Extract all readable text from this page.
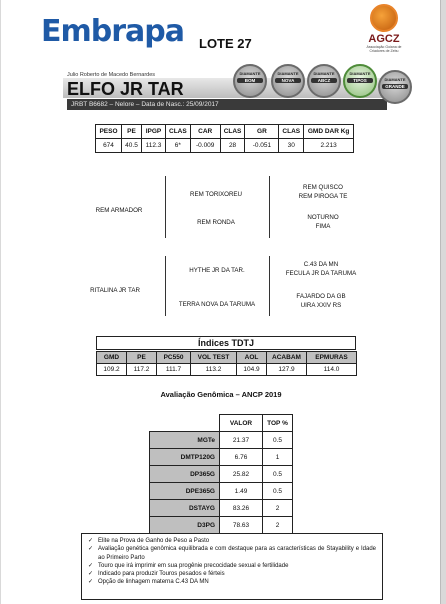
Embrapa LOTE 27	AGCZ
Associação Goiana de Criadores de Zebu
Julio Roberto de Macedo Bernardes
ELFO JR TAR
JRBT B6682 – Nelore – Data de Nasc.: 25/09/2017
DIAMANTE
BOM
DIAMANTE
NOVA
DIAMANTE
ABCZ
DIAMANTE
TIPOS	DIAMANTE
GRANDE
PESO	PE	IPGP	CLAS	CAR	CLAS	GR	CLAS	GMD DAR Kg
674	40.5	112.3	6*	-0.009	28	-0.051	30	2.213
REM ARMADOR
REM TORIXOREU
REM RONDA
REM QUISCO
REM PIROGA TE
NOTURNO
FIMA
RITALINA JR TAR
HYTHE JR DA TAR.
TERRA NOVA DA TARUMA
C.43 DA MN
FECULA JR DA TARUMA
FAJARDO DA GB
UIRA XXIV RS
Índices TDTJ
GMD	PE	PC550	VOL TEST	AOL	ACABAM	EPMURAS
109.2	117.2	111.7	113.2	104.9	127.9	114.0
Avaliação Genômica – ANCP 2019
	VALOR	TOP %
MGTe	21.37	0.5
DMTP120G	6.76	1
DP365G	25.82	0.5
DPE365G	1.49	0.5
DSTAYG	83.26	2
D3PG	78.63	2
✓ Elite na Prova de Ganho de Peso a Pasto
✓ Avaliação genética genômica equilibrada e com destaque para as características de Stayability e Idade ao Primeiro Parto
✓ Touro que irá imprimir em sua progênie precocidade sexual e fertilidade
✓ Indicado para produzir Touros pesados e férteis
✓ Opção de linhagem materna C.43 DA MN
